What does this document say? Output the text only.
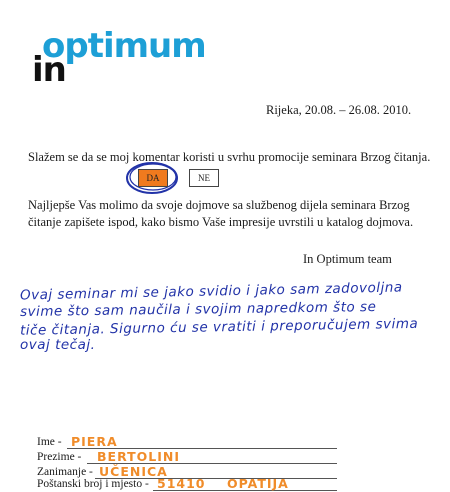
optimum
in
Rijeka, 20.08. – 26.08. 2010.
Slažem se da se moj komentar koristi u svrhu promocije seminara Brzog čitanja.
DA	NE
Najljepše Vas molimo da svoje dojmove sa službenog dijela seminara Brzog čitanje zapišete ispod, kako bismo Vaše impresije uvrstili u katalog dojmova.
In Optimum team
Ovaj seminar mi se jako svidio i jako sam zadovoljna
svime što sam naučila i svojim napredkom što se
tiče čitanja. Sigurno ću se vratiti i preporučujem svima
ovaj tečaj.
Ime - PIERA
Prezime - BERTOLINI
Zanimanje - UČENICA
Poštanski broj i mjesto - 51410 OPATIJA
